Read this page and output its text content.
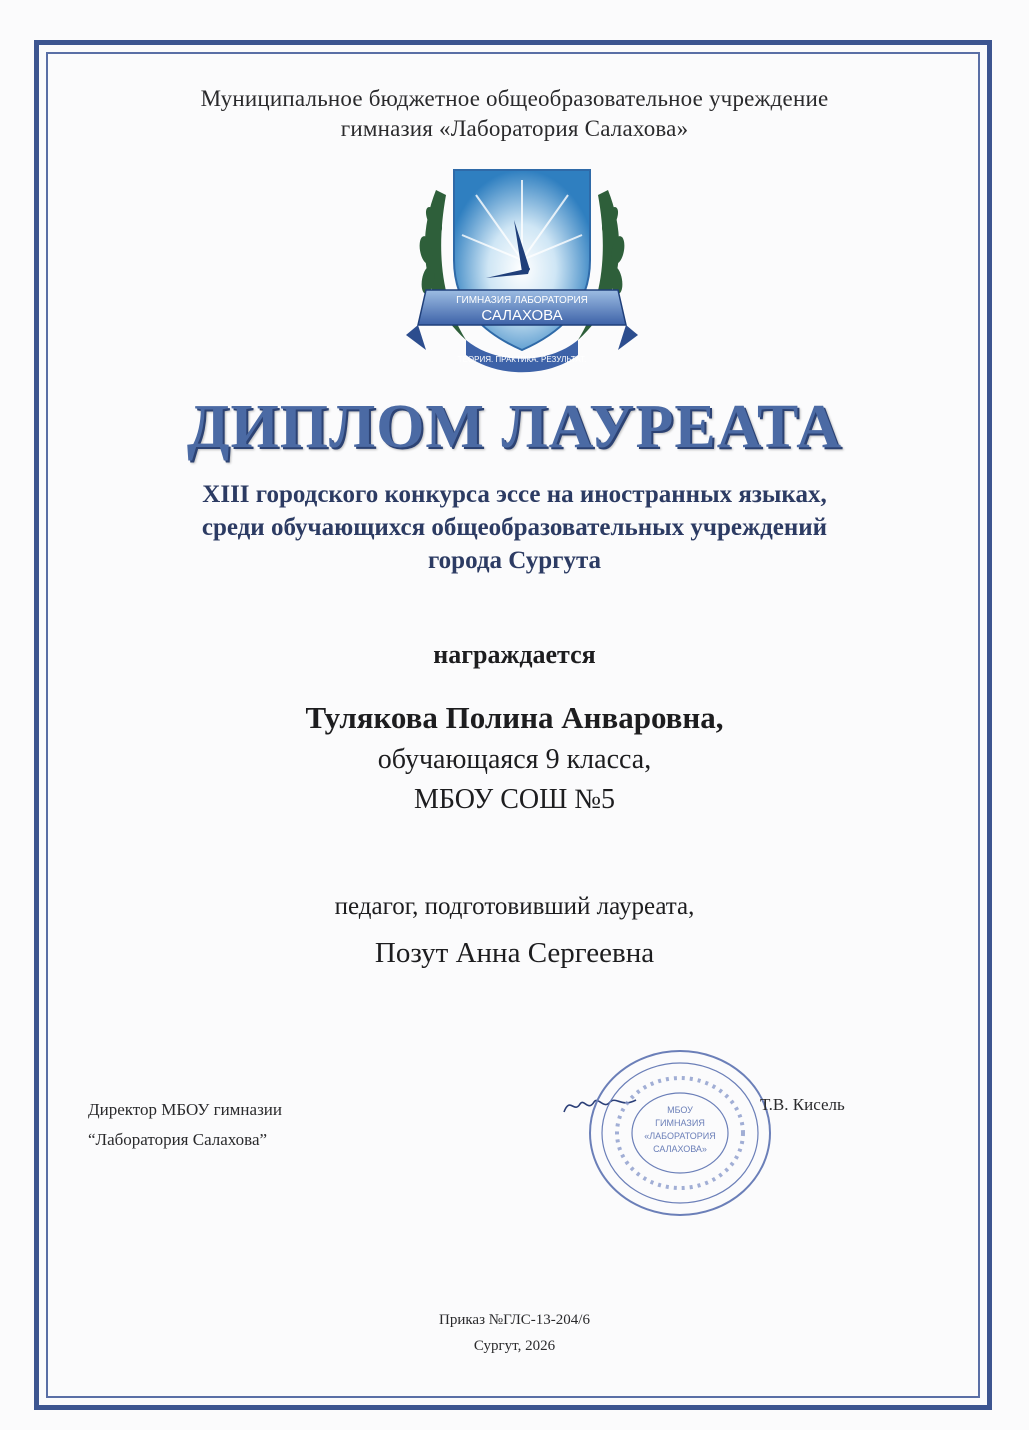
Муниципальное бюджетное общеобразовательное учреждение
гимназия «Лаборатория Салахова»
ГИМНАЗИЯ ЛАБОРАТОРИЯ
САЛАХОВА
ТЕОРИЯ. ПРАКТИКА. РЕЗУЛЬТАТ.
ДИПЛОМ ЛАУРЕАТА
XIII городского конкурса эссе на иностранных языках,
среди обучающихся общеобразовательных учреждений
города Сургута
награждается
Тулякова Полина Анваровна,
обучающаяся 9 класса,
МБОУ СОШ №5
педагог, подготовивший лауреата,
Позут Анна Сергеевна
Директор МБОУ гимназии
“Лаборатория Салахова”
МБОУ
ГИМНАЗИЯ
«ЛАБОРАТОРИЯ
САЛАХОВА»
Т.В. Кисель
Приказ №ГЛС-13-204/6
Сургут, 2026
